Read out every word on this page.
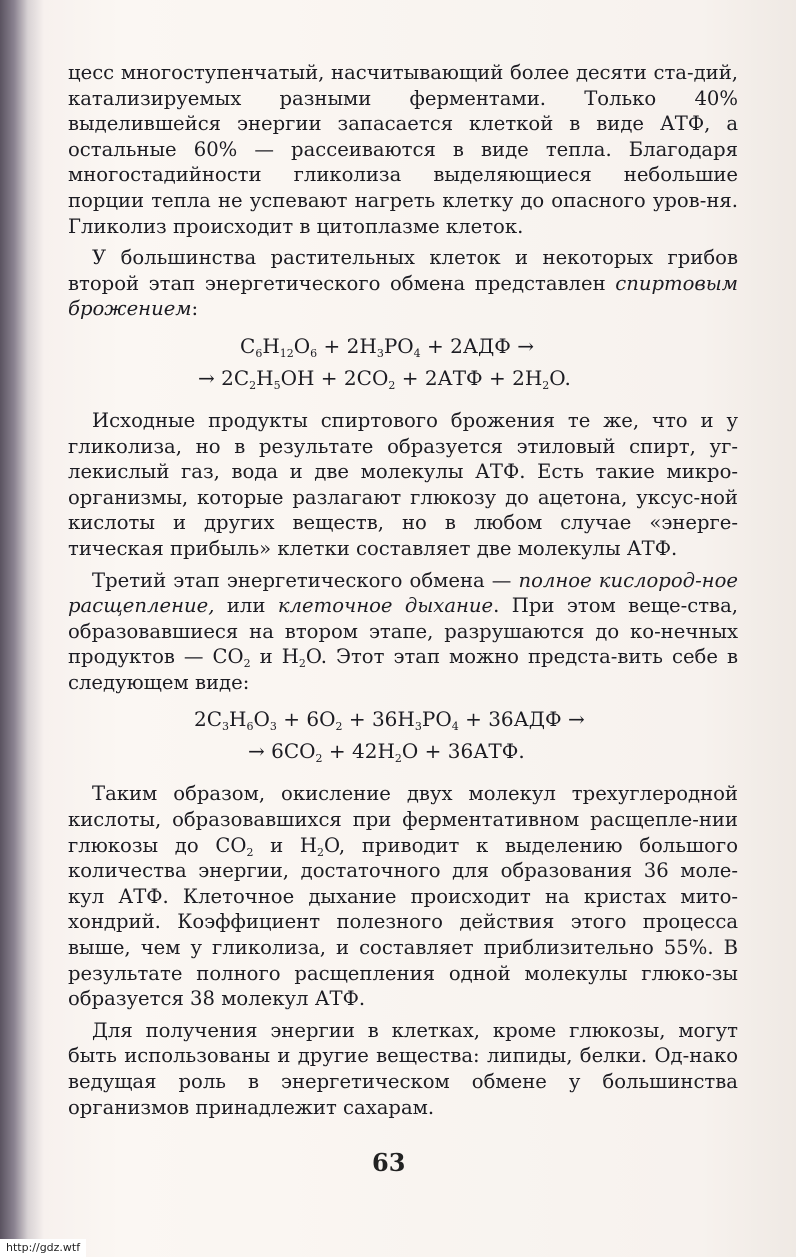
цесс многоступенчатый, насчитывающий более десяти ста-дий, катализируемых разными ферментами. Только 40% выделившейся энергии запасается клеткой в виде АТФ, а остальные 60% — рассеиваются в виде тепла. Благодаря многостадийности гликолиза выделяющиеся небольшие порции тепла не успевают нагреть клетку до опасного уров-ня. Гликолиз происходит в цитоплазме клеток.

У большинства растительных клеток и некоторых грибов второй этап энергетического обмена представлен спиртовым брожением:

$C_6H_{12}O_6 + 2H_3PO_4 + 2АДФ$ →
→ $2C_2H_5OH + 2CO_2 + 2АТФ + 2H_2O$.

Исходные продукты спиртового брожения те же, что и у гликолиза, но в результате образуется этиловый спирт, уг-лекислый газ, вода и две молекулы АТФ. Есть такие микро-организмы, которые разлагают глюкозу до ацетона, уксус-ной кислоты и других веществ, но в любом случае «энерге-тическая прибыль» клетки составляет две молекулы АТФ.

Третий этап энергетического обмена — полное кислород-ное расщепление, или клеточное дыхание. При этом веще-ства, образовавшиеся на втором этапе, разрушаются до ко-нечных продуктов — $CO_2$ и $H_2O$. Этот этап можно предста-вить себе в следующем виде:

$2C_3H_6O_3 + 6O_2 + 36H_3PO_4 + 36АДФ$ →
→ $6CO_2 + 42H_2O + 36АТФ$.

Таким образом, окисление двух молекул трехуглеродной кислоты, образовавшихся при ферментативном расщепле-нии глюкозы до $CO_2$ и $H_2O$, приводит к выделению большого количества энергии, достаточного для образования 36 моле-кул АТФ. Клеточное дыхание происходит на кристах мито-хондрий. Коэффициент полезного действия этого процесса выше, чем у гликолиза, и составляет приблизительно 55%. В результате полного расщепления одной молекулы глюко-зы образуется 38 молекул АТФ.

Для получения энергии в клетках, кроме глюкозы, могут быть использованы и другие вещества: липиды, белки. Од-нако ведущая роль в энергетическом обмене у большинства организмов принадлежит сахарам.

63
http://gdz.wtf
